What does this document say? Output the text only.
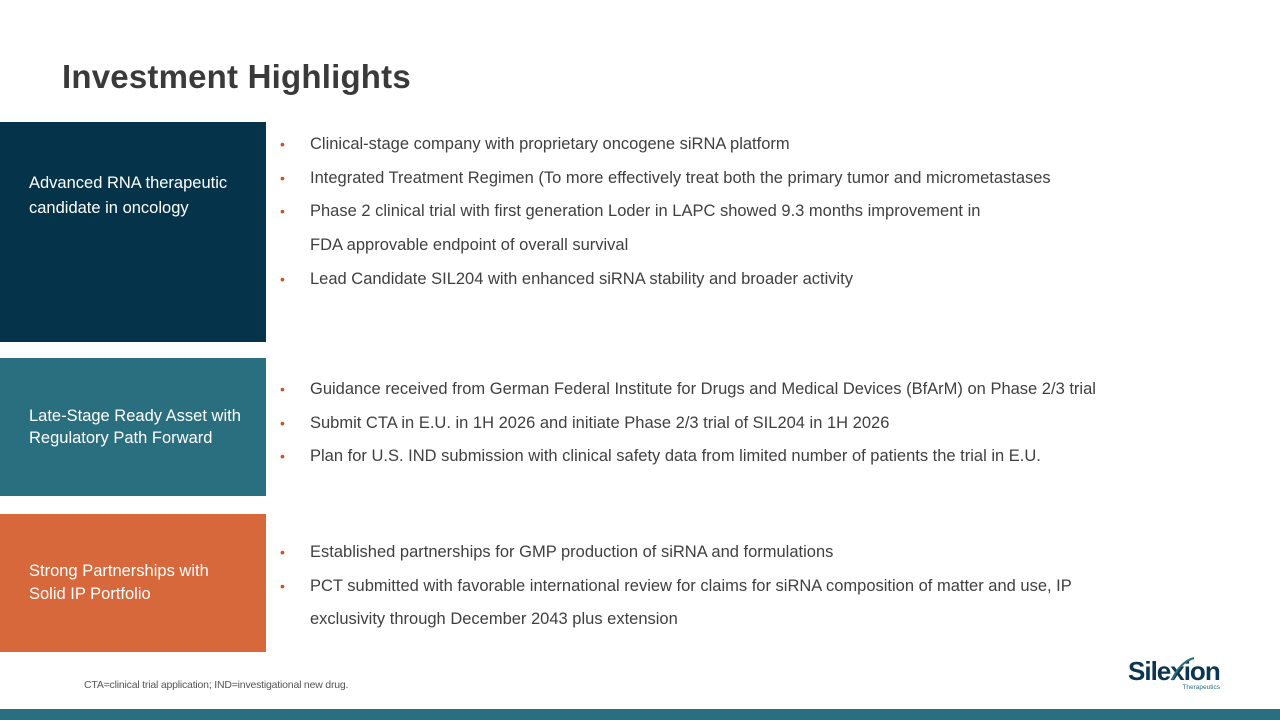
Investment Highlights
Advanced RNA therapeutic candidate in oncology
• Clinical-stage company with proprietary oncogene siRNA platform
• Integrated Treatment Regimen (To more effectively treat both the primary tumor and micrometastases
• Phase 2 clinical trial with first generation Loder in LAPC showed 9.3 months improvement in
FDA approvable endpoint of overall survival
• Lead Candidate SIL204 with enhanced siRNA stability and broader activity
Late-Stage Ready Asset with Regulatory Path Forward
• Guidance received from German Federal Institute for Drugs and Medical Devices (BfArM) on Phase 2/3 trial
• Submit CTA in E.U. in 1H 2026 and initiate Phase 2/3 trial of SIL204 in 1H 2026
• Plan for U.S. IND submission with clinical safety data from limited number of patients the trial in E.U.
Strong Partnerships with Solid IP Portfolio
• Established partnerships for GMP production of siRNA and formulations
• PCT submitted with favorable international review for claims for siRNA composition of matter and use, IP
exclusivity through December 2043 plus extension
CTA=clinical trial application; IND=investigational new drug.	Silexion
Therapeutics
